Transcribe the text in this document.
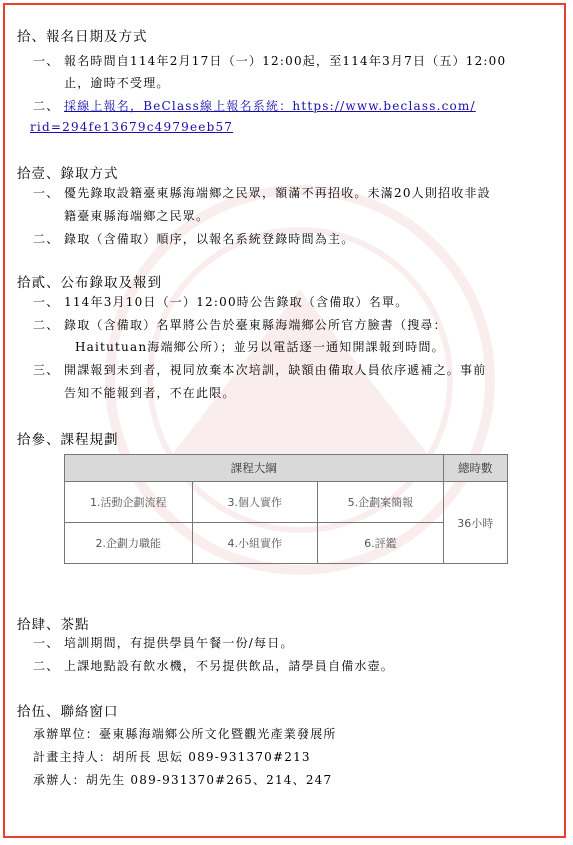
拾、報名日期及方式
一、 報名時間自114年2月17日（一）12:00起，至114年3月7日（五）12:00
止，逾時不受理。
二、 採線上報名，BeClass線上報名系統：https://www.beclass.com/
rid=294fe13679c4979eeb57
拾壹、錄取方式
一、 優先錄取設籍臺東縣海端鄉之民眾，額滿不再招收。未滿20人則招收非設
籍臺東縣海端鄉之民眾。
二、 錄取（含備取）順序，以報名系統登錄時間為主。
拾貳、公布錄取及報到
一、 114年3月10日（一）12:00時公告錄取（含備取）名單。
二、 錄取（含備取）名單將公告於臺東縣海端鄉公所官方臉書（搜尋：
Haitutuan海端鄉公所）；並另以電話逐一通知開課報到時間。
三、 開課報到未到者，視同放棄本次培訓，缺額由備取人員依序遞補之。事前
告知不能報到者，不在此限。
拾參、課程規劃
課程大綱			總時數
1.活動企劃流程	3.個人實作	5.企劃案簡報	36小時
2.企劃力職能	4.小組實作	6.評鑑	
拾肆、茶點
一、 培訓期間，有提供學員午餐一份/每日。
二、 上課地點設有飲水機，不另提供飲品，請學員自備水壺。
拾伍、聯絡窗口
承辦單位：臺東縣海端鄉公所文化暨觀光產業發展所
計畫主持人：胡所長 思妘 089-931370#213
承辦人：胡先生 089-931370#265、214、247
